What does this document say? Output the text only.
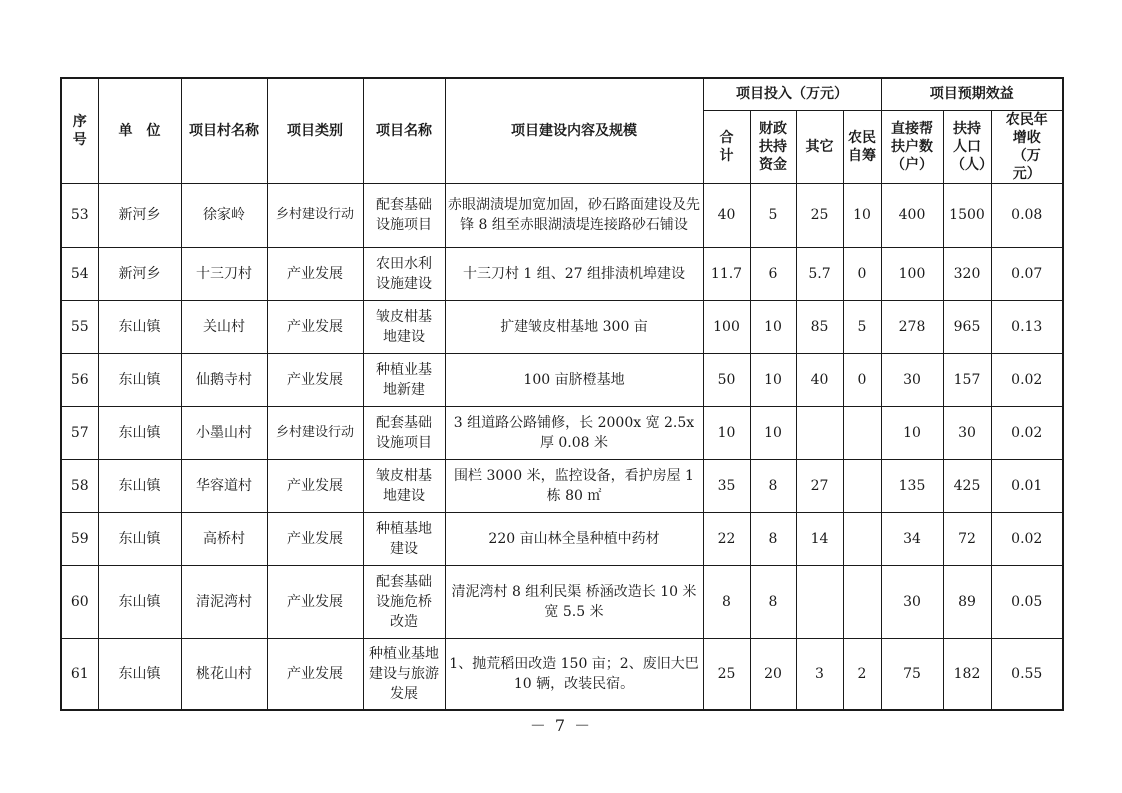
序号	单　位	项目村名称	项目类别	项目名称	项目建设内容及规模	项目投入（万元）				项目预期效益		

						合计	财政扶持资金	其它	农民自筹	直接帮扶户数（户）	扶持人口（人）	农民年增收（万元）

53	新河乡	徐家岭	乡村建设行动	配套基础设施项目	赤眼湖渍堤加宽加固，砂石路面建设及先锋 8 组至赤眼湖渍堤连接路砂石铺设	40	5	25	10	400	1500	0.08
54	新河乡	十三刀村	产业发展	农田水利设施建设	十三刀村 1 组、27 组排渍机埠建设	11.7	6	5.7	0	100	320	0.07
55	东山镇	关山村	产业发展	皱皮柑基地建设	扩建皱皮柑基地 300 亩	100	10	85	5	278	965	0.13
56	东山镇	仙鹅寺村	产业发展	种植业基地新建	100 亩脐橙基地	50	10	40	0	30	157	0.02
57	东山镇	小墨山村	乡村建设行动	配套基础设施项目	3 组道路公路铺修，长 2000x 宽 2.5x 厚 0.08 米	10	10			10	30	0.02
58	东山镇	华容道村	产业发展	皱皮柑基地建设	围栏 3000 米，监控设备，看护房屋 1 栋 80 ㎡	35	8	27		135	425	0.01
59	东山镇	高桥村	产业发展	种植基地建设	220 亩山林全垦种植中药材	22	8	14		34	72	0.02
60	东山镇	清泥湾村	产业发展	配套基础设施危桥改造	清泥湾村 8 组利民渠 桥涵改造长 10 米宽 5.5 米	8	8			30	89	0.05
61	东山镇	桃花山村	产业发展	种植业基地建设与旅游发展	1、抛荒稻田改造 150 亩；2、废旧大巴 10 辆，改装民宿。	25	20	3	2	75	182	0.55
－ 7 －
